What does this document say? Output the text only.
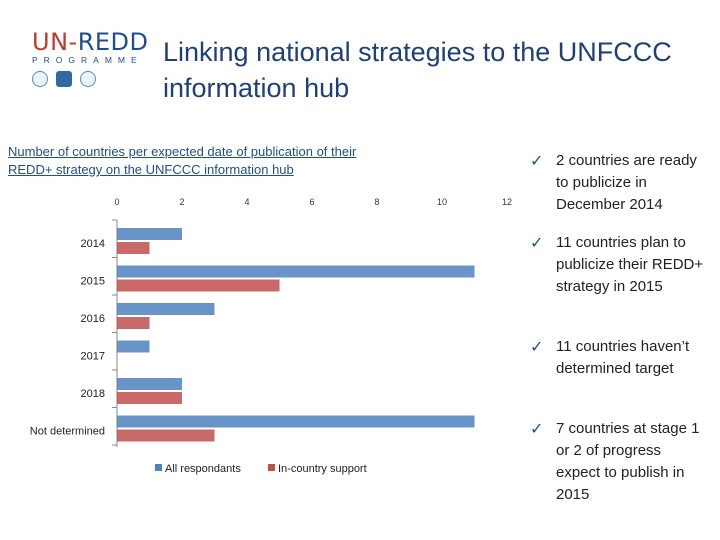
UN-REDD
PROGRAMME Linking national strategies to the UNFCCC information hub
Number of countries per expected date of publication of their REDD+ strategy on the UNFCCC information hub
0	2	4	6	8	10	12
2014
2015
2016
2017
2018
Not determined
All respondants	In-country support
✓ 2 countries are ready to publicize in December 2014
✓ 11 countries plan to publicize their REDD+ strategy in 2015
✓ 11 countries haven’t determined target
✓ 7 countries at stage 1 or 2 of progress expect to publish in 2015
